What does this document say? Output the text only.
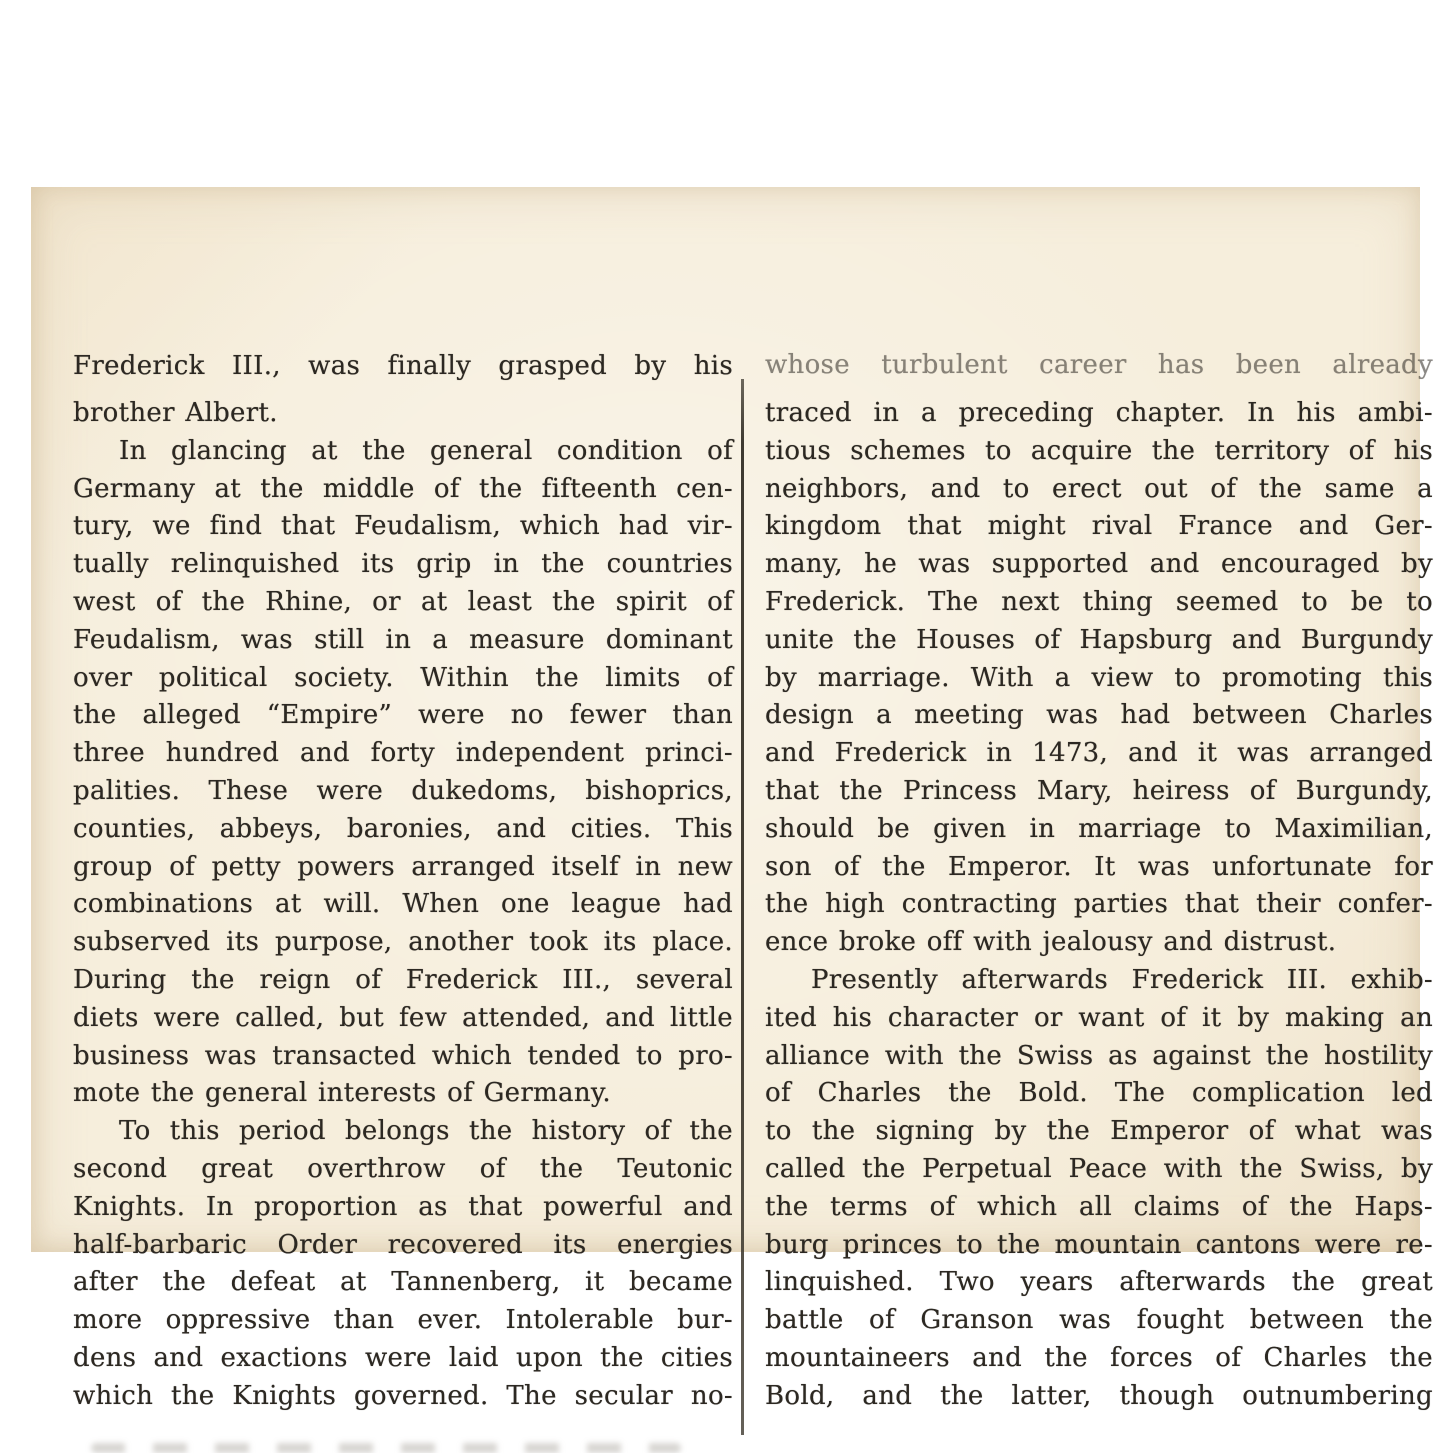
Frederick III., was finally grasped by his whose turbulent career has been already
brother Albert.
In glancing at the general condition of
Germany at the middle of the fifteenth cen-
tury, we find that Feudalism, which had vir-
tually relinquished its grip in the countries
west of the Rhine, or at least the spirit of
Feudalism, was still in a measure dominant
over political society. Within the limits of
the alleged “Empire” were no fewer than
three hundred and forty independent princi-
palities. These were dukedoms, bishoprics,
counties, abbeys, baronies, and cities. This
group of petty powers arranged itself in new
combinations at will. When one league had
subserved its purpose, another took its place.
During the reign of Frederick III., several
diets were called, but few attended, and little
business was transacted which tended to pro-
mote the general interests of Germany.
To this period belongs the history of the
second great overthrow of the Teutonic
Knights. In proportion as that powerful and
half-barbaric Order recovered its energies
after the defeat at Tannenberg, it became
more oppressive than ever. Intolerable bur-
dens and exactions were laid upon the cities
which the Knights governed. The secular no-
traced in a preceding chapter. In his ambi-
tious schemes to acquire the territory of his
neighbors, and to erect out of the same a
kingdom that might rival France and Ger-
many, he was supported and encouraged by
Frederick. The next thing seemed to be to
unite the Houses of Hapsburg and Burgundy
by marriage. With a view to promoting this
design a meeting was had between Charles
and Frederick in 1473, and it was arranged
that the Princess Mary, heiress of Burgundy,
should be given in marriage to Maximilian,
son of the Emperor. It was unfortunate for
the high contracting parties that their confer-
ence broke off with jealousy and distrust.
Presently afterwards Frederick III. exhib-
ited his character or want of it by making an
alliance with the Swiss as against the hostility
of Charles the Bold. The complication led
to the signing by the Emperor of what was
called the Perpetual Peace with the Swiss, by
the terms of which all claims of the Haps-
burg princes to the mountain cantons were re-
linquished. Two years afterwards the great
battle of Granson was fought between the
mountaineers and the forces of Charles the
Bold, and the latter, though outnumbering
